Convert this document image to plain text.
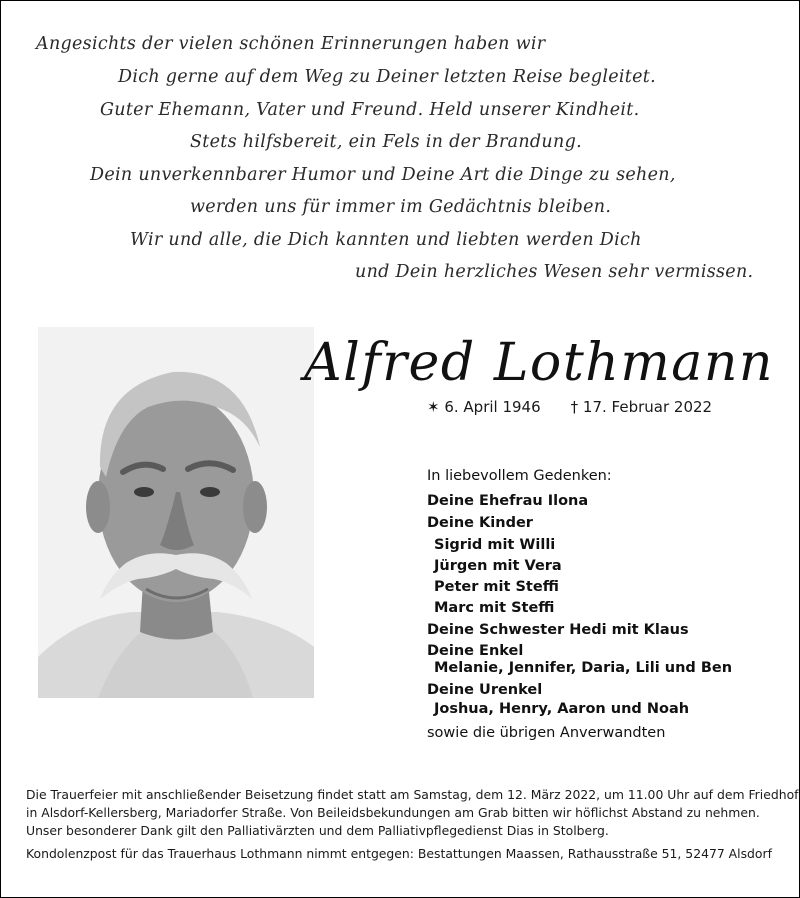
Angesichts der vielen schönen Erinnerungen haben wir
Dich gerne auf dem Weg zu Deiner letzten Reise begleitet.
Guter Ehemann, Vater und Freund. Held unserer Kindheit.
Stets hilfsbereit, ein Fels in der Brandung.
Dein unverkennbarer Humor und Deine Art die Dinge zu sehen,
werden uns für immer im Gedächtnis bleiben.
Wir und alle, die Dich kannten und liebten werden Dich
und Dein herzliches Wesen sehr vermissen.
Alfred Lothmann
✶ 6. April 1946 † 17. Februar 2022
In liebevollem Gedenken:
Deine Ehefrau Ilona
Deine Kinder
Sigrid mit Willi
Jürgen mit Vera
Peter mit Steffi
Marc mit Steffi
Deine Schwester Hedi mit Klaus
Deine Enkel
Melanie, Jennifer, Daria, Lili und Ben
Deine Urenkel
Joshua, Henry, Aaron und Noah
sowie die übrigen Anverwandten

Die Trauerfeier mit anschließender Beisetzung findet statt am Samstag, dem 12. März 2022, um 11.00 Uhr auf dem Friedhof

in Alsdorf-Kellersberg, Mariadorfer Straße. Von Beileidsbekundungen am Grab bitten wir höflichst Abstand zu nehmen.

Unser besonderer Dank gilt den Palliativärzten und dem Palliativpflegedienst Dias in Stolberg.

Kondolenzpost für das Trauerhaus Lothmann nimmt entgegen: Bestattungen Maassen, Rathausstraße 51, 52477 Alsdorf
